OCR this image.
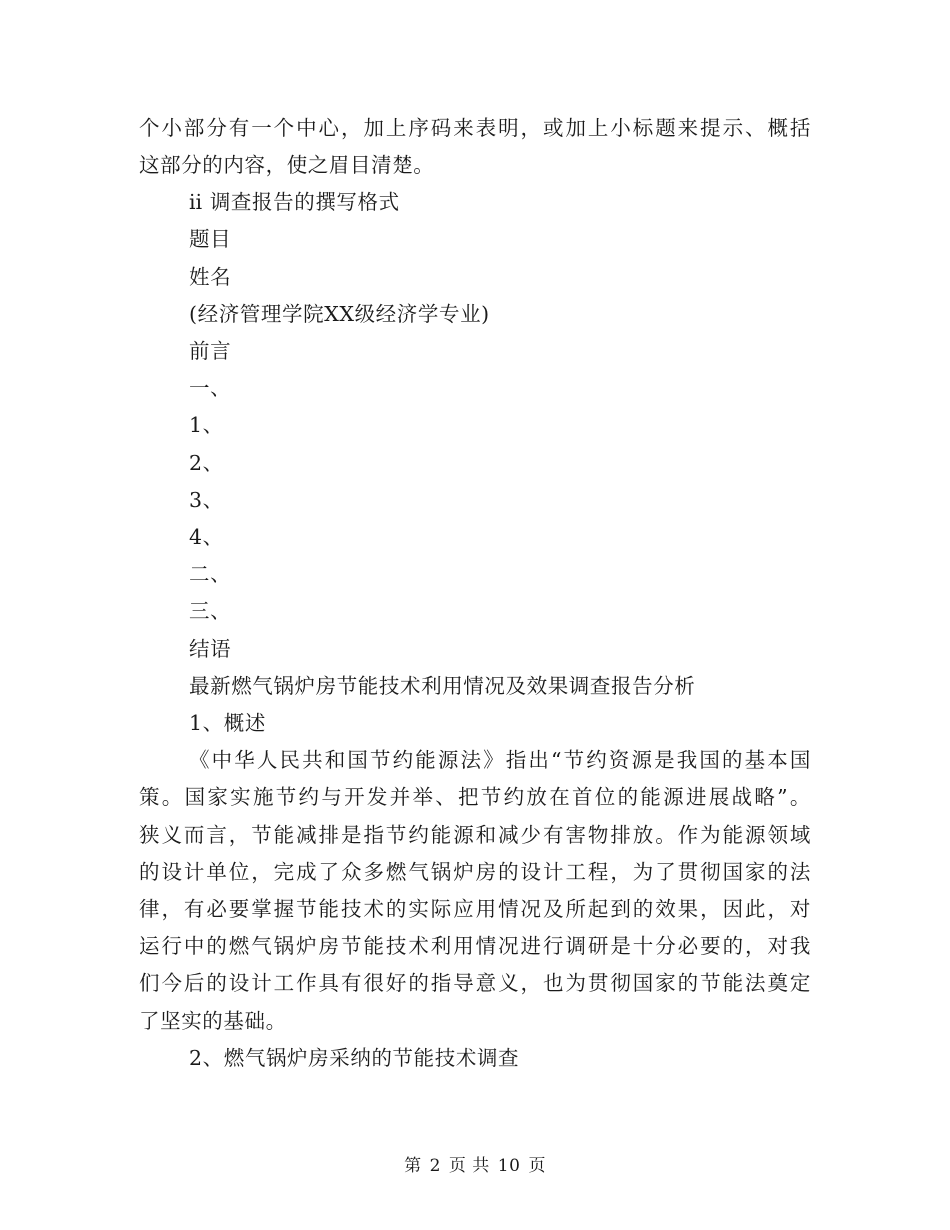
个小部分有一个中心，加上序码来表明，或加上小标题来提示、概括
这部分的内容，使之眉目清楚。
ⅱ 调查报告的撰写格式
题目
姓名
(经济管理学院XX级经济学专业)
前言
一、
1、
2、
3、
4、
二、
三、
结语
最新燃气锅炉房节能技术利用情况及效果调查报告分析
1、概述
《中华人民共和国节约能源法》指出“节约资源是我国的基本国
策。国家实施节约与开发并举、把节约放在首位的能源进展战略”。
狭义而言，节能减排是指节约能源和减少有害物排放。作为能源领域
的设计单位，完成了众多燃气锅炉房的设计工程，为了贯彻国家的法
律，有必要掌握节能技术的实际应用情况及所起到的效果，因此，对
运行中的燃气锅炉房节能技术利用情况进行调研是十分必要的，对我
们今后的设计工作具有很好的指导意义，也为贯彻国家的节能法奠定
了坚实的基础。
2、燃气锅炉房采纳的节能技术调查
第 2 页 共 10 页
